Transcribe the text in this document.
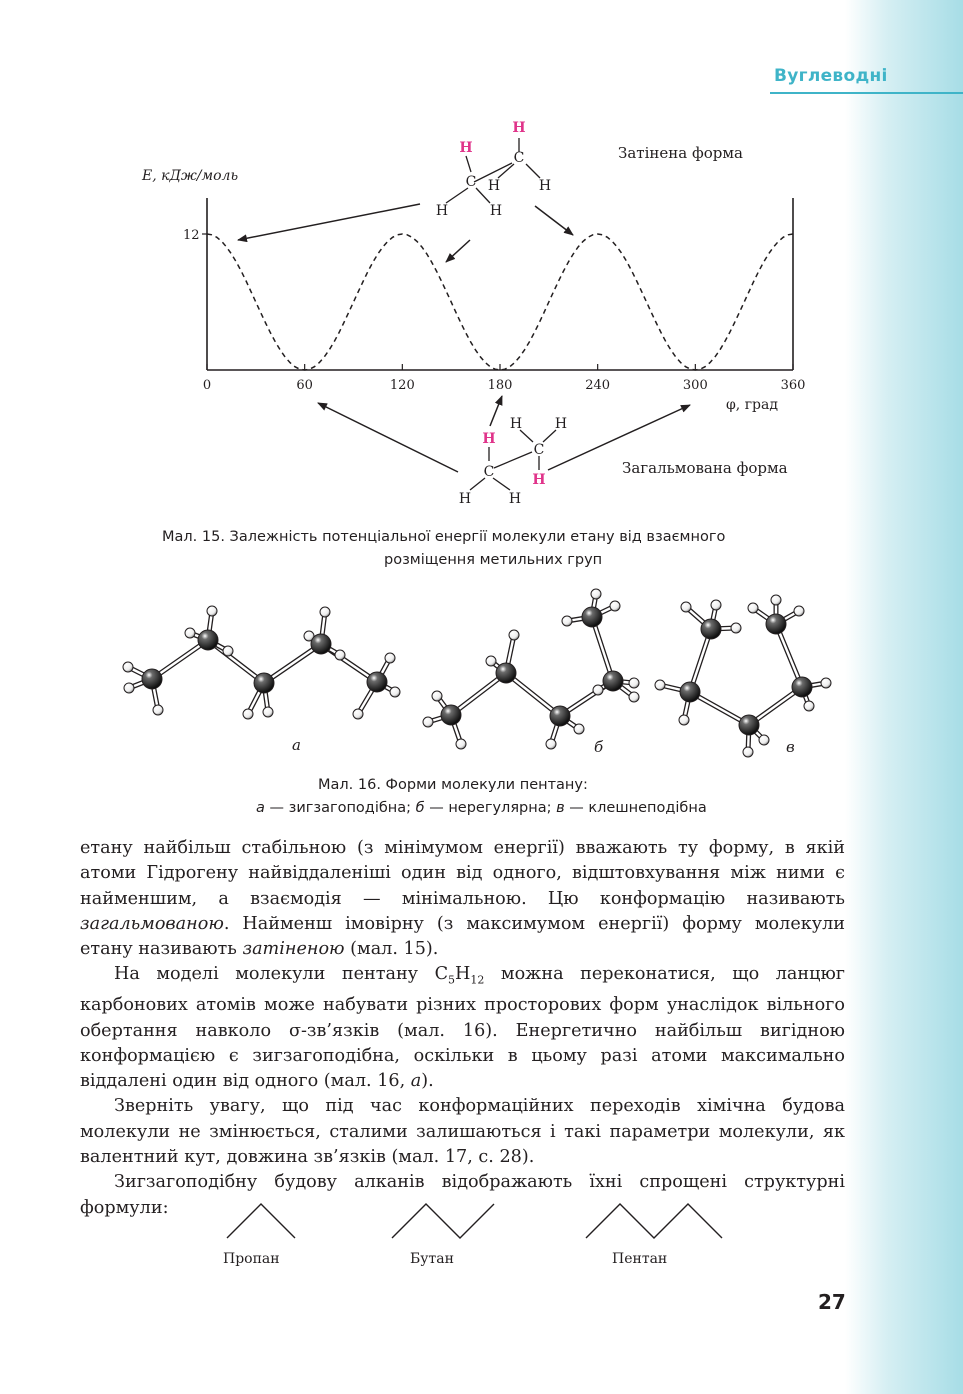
Вуглеводні
E, кДж/моль
12
0	60	120	180	240	300	360
φ, град
Затінена форма
Загальмована форма
H
C
H	H
H
C
H	H
H
C
H	H
H H
C
H
Мал. 15. Залежність потенціальної енергії молекули етану від взаємного
розміщення метильних груп
а	б	в
Мал. 16. Форми молекули пентану:
а — зигзагоподібна; б — нерегулярна; в — клешнеподібна

етану найбільш стабільною (з мінімумом енергії) вважають ту форму, в якій атоми Гідрогену найвіддаленіші один від одного, відштовхування між ними є найменшим, а взаємодія — мінімальною. Цю конформацію називають загальмованою. Найменш імовірну (з максимумом енергії) форму молекули етану називають затіненою (мал. 15).

На моделі молекули пентану $C_5H_{12}$ можна переконатися, що ланцюг карбонових атомів може набувати різних просторових форм унаслідок вільного обертання навколо σ-зв’язків (мал. 16). Енергетично найбільш вигідною конформацією є зигзагоподібна, оскільки в цьому разі атоми максимально віддалені один від одного (мал. 16, а).

Зверніть увагу, що під час конформаційних переходів хімічна будова молекули не змінюється, сталими залишаються і такі параметри молекули, як валентний кут, довжина зв’язків (мал. 17, с. 28).

Зигзагоподібну будову алканів відображають їхні спрощені структурні формули:

Пропан	Бутан	Пентан
27
